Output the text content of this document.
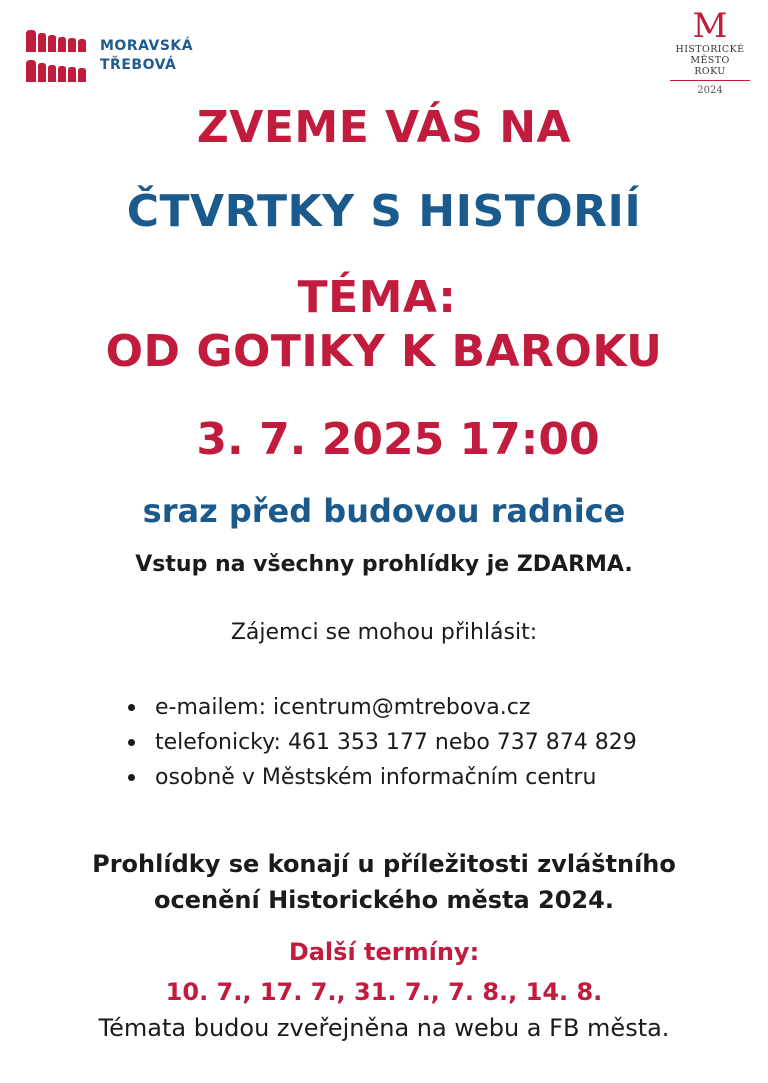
MORAVSKÁ
TŘEBOVÁ
M
HISTORICKÉ
MĚSTO
ROKU
2024
ZVEME VÁS NA
ČTVRTKY S HISTORIÍ
TÉMA:
OD GOTIKY K BAROKU
3. 7. 2025 17:00
sraz před budovou radnice
Vstup na všechny prohlídky je ZDARMA.
Zájemci se mohou přihlásit:
e-mailem: icentrum@mtrebova.cz
telefonicky: 461 353 177 nebo 737 874 829
osobně v Městském informačním centru
Prohlídky se konají u příležitosti zvláštního
ocenění Historického města 2024.
Další termíny:
10. 7., 17. 7., 31. 7., 7. 8., 14. 8.
Témata budou zveřejněna na webu a FB města.
